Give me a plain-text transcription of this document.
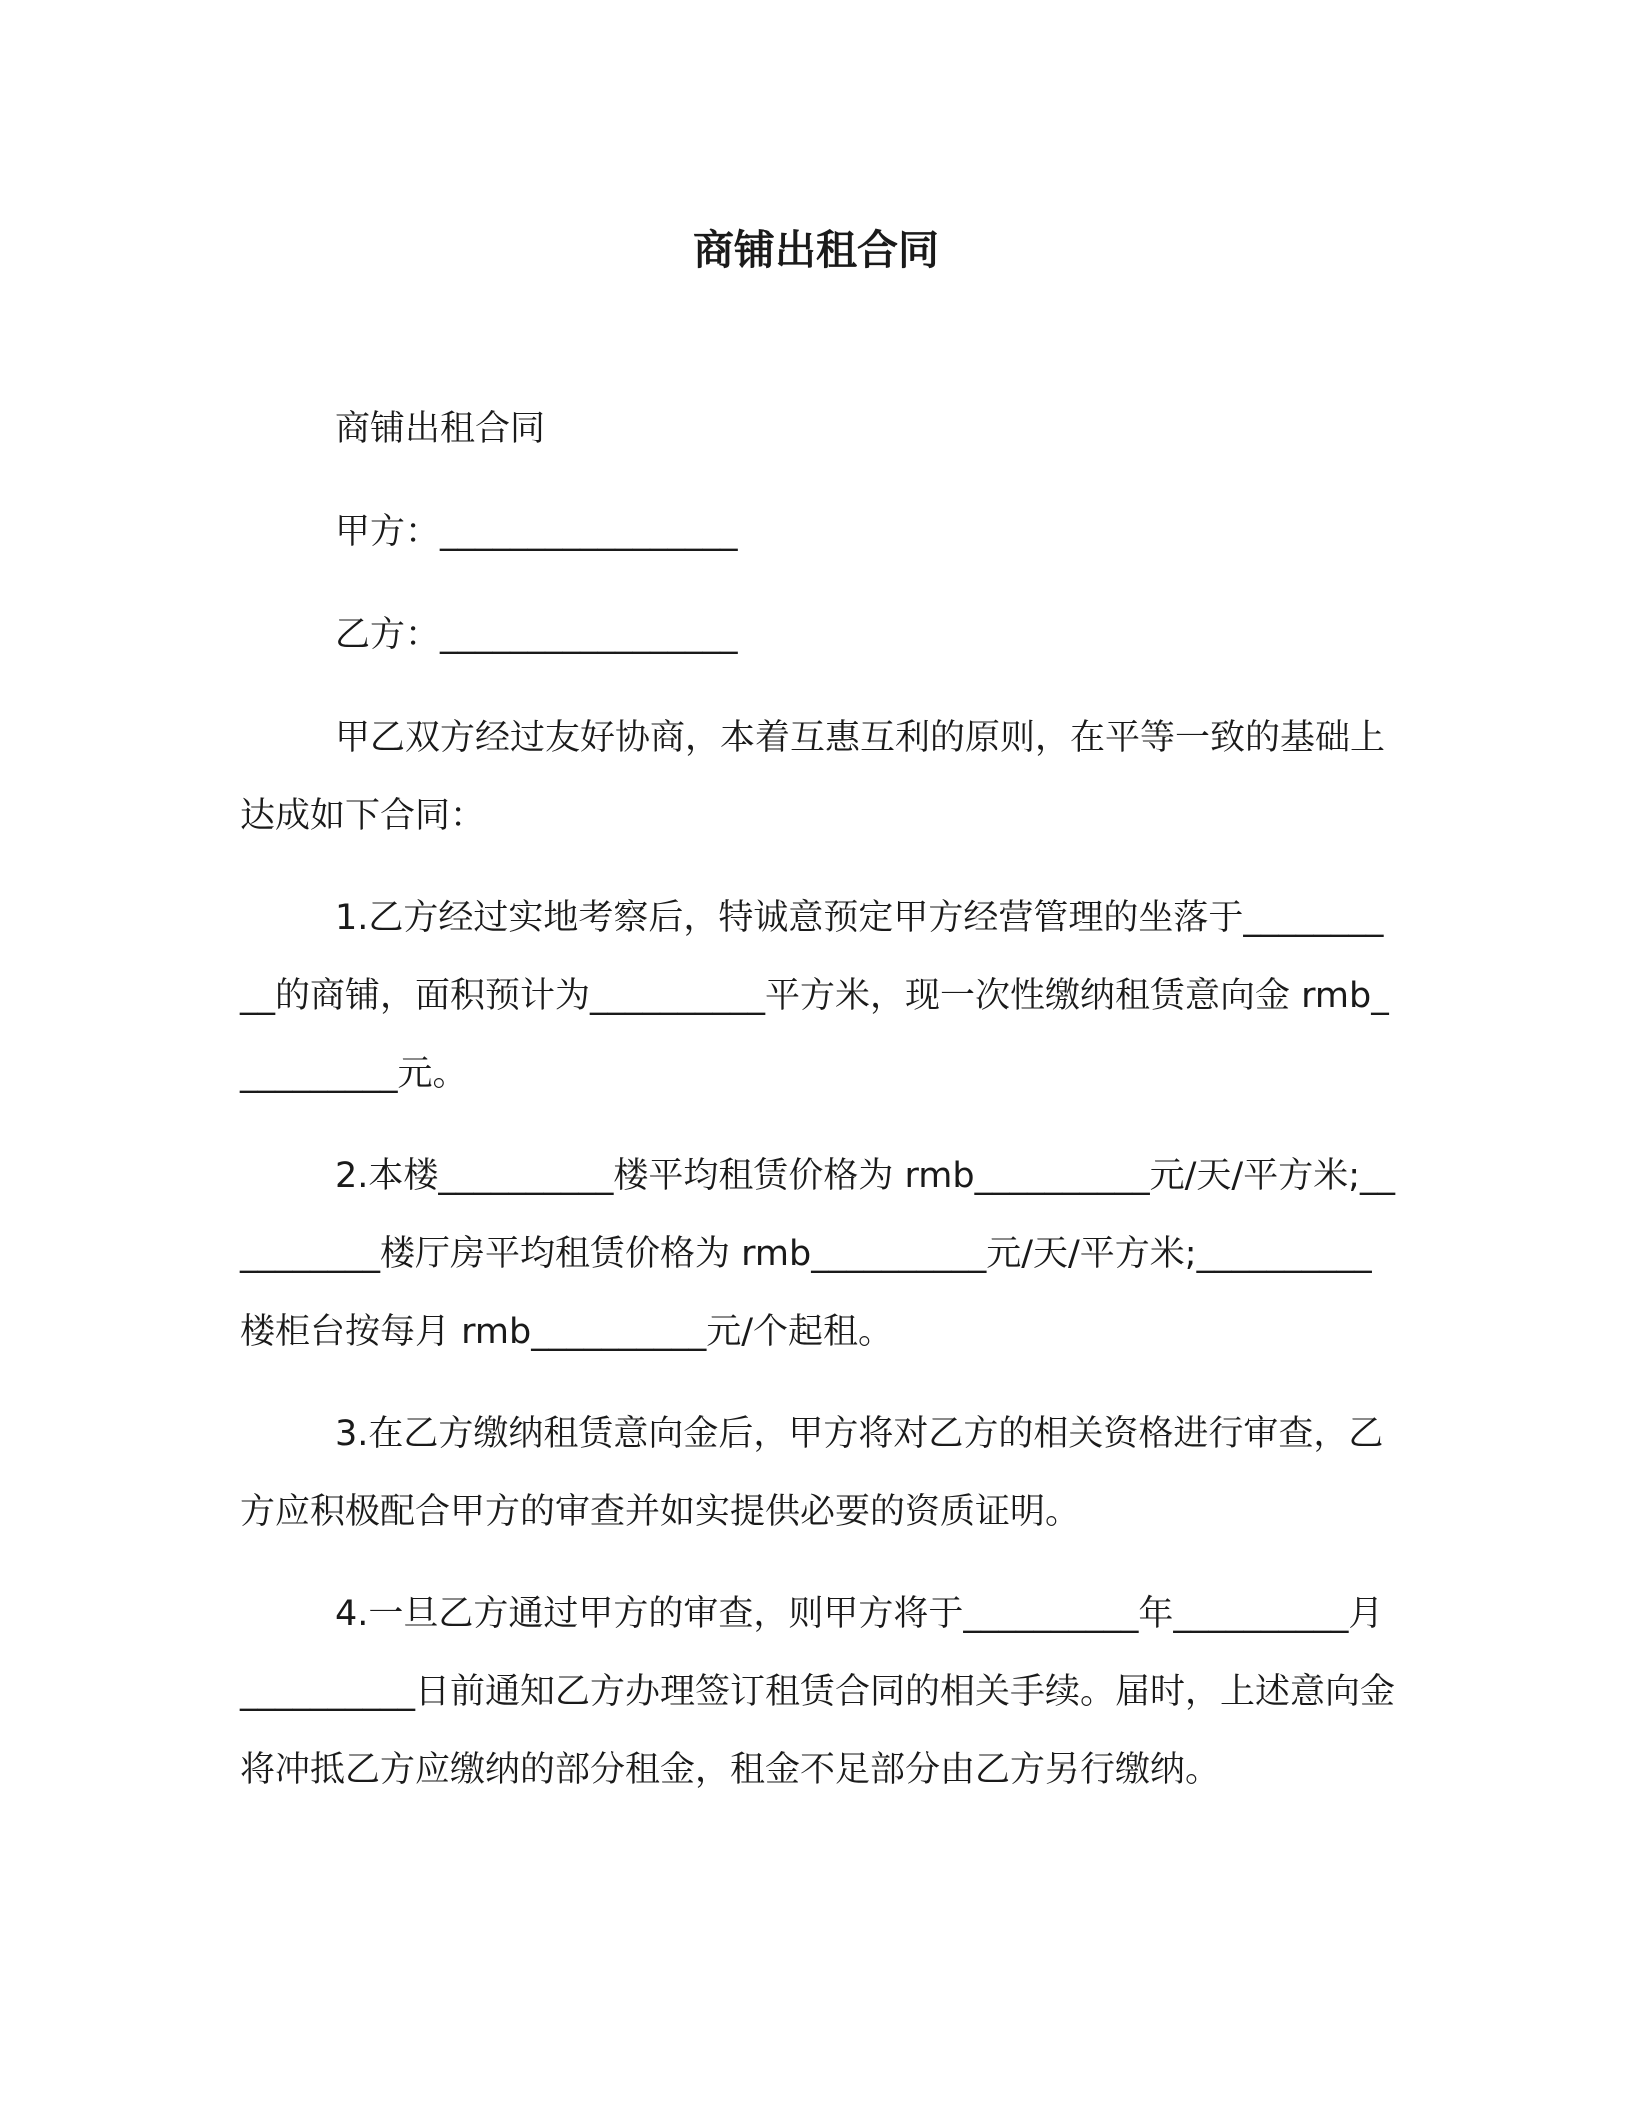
商铺出租合同

商铺出租合同

甲方：_________________

乙方：_________________

甲乙双方经过友好协商，本着互惠互利的原则，在平等一致的基础上达成如下合同：

1.乙方经过实地考察后，特诚意预定甲方经营管理的坐落于__________的商铺，面积预计为__________平方米，现一次性缴纳租赁意向金 rmb__________元。

2.本楼__________楼平均租赁价格为 rmb__________元/天/平方米;__________楼厅房平均租赁价格为 rmb__________元/天/平方米;__________楼柜台按每月 rmb__________元/个起租。

3.在乙方缴纳租赁意向金后，甲方将对乙方的相关资格进行审查，乙方应积极配合甲方的审查并如实提供必要的资质证明。

4.一旦乙方通过甲方的审查，则甲方将于__________年__________月__________日前通知乙方办理签订租赁合同的相关手续。届时，上述意向金将冲抵乙方应缴纳的部分租金，租金不足部分由乙方另行缴纳。
